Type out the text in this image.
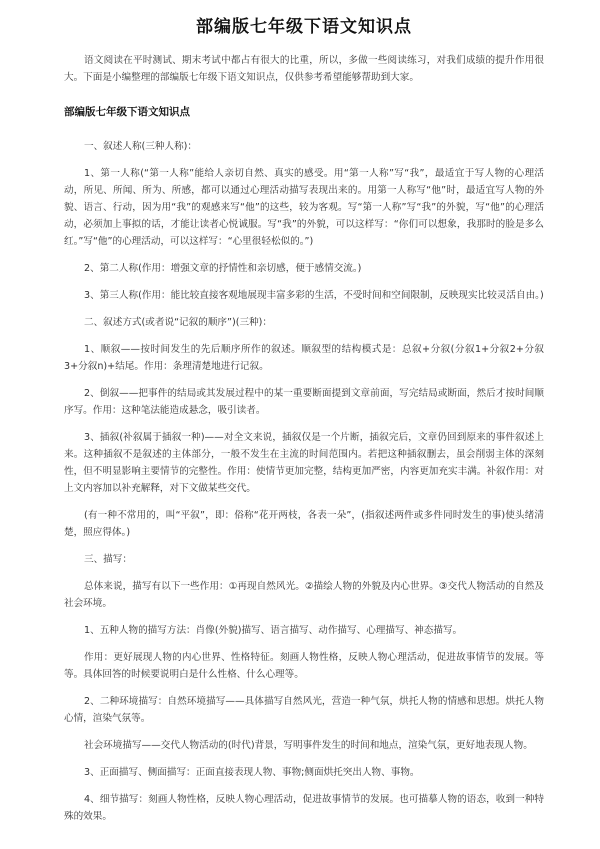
部编版七年级下语文知识点

语文阅读在平时测试、期末考试中都占有很大的比重，所以，多做一些阅读练习，对我们成绩的提升作用很大。下面是小编整理的部编版七年级下语文知识点，仅供参考希望能够帮助到大家。

部编版七年级下语文知识点

一、叙述人称(三种人称)：

1、第一人称(“第一人称”能给人亲切自然、真实的感受。用“第一人称”写“我”，最适宜于写人物的心理活动，所见、所闻、所为、所感，都可以通过心理活动描写表现出来的。用第一人称写“他”时，最适宜写人物的外貌、语言、行动，因为用“我”的观感来写“他”的这些，较为客观。写“第一人称”写“我”的外貌，写“他”的心理活动，必须加上事拟的话，才能让读者心悦诚服。写“我”的外貌，可以这样写：“你们可以想象，我那时的脸是多么红。”写“他”的心理活动，可以这样写：“心里很轻松似的。”)

2、第二人称(作用：增强文章的抒情性和亲切感，便于感情交流。)

3、第三人称(作用：能比较直接客观地展现丰富多彩的生活，不受时间和空间限制，反映现实比较灵活自由。)

二、叙述方式(或者说“记叙的顺序”)(三种)：

1、顺叙——按时间发生的先后顺序所作的叙述。顺叙型的结构模式是：总叙+分叙(分叙1+分叙2+分叙3+分叙n)+结尾。作用：条理清楚地进行记叙。

2、倒叙——把事件的结局或其发展过程中的某一重要断面提到文章前面，写完结局或断面，然后才按时间顺序写。作用：这种笔法能造成悬念，吸引读者。

3、插叙(补叙属于插叙一种)——对全文来说，插叙仅是一个片断，插叙完后，文章仍回到原来的事件叙述上来。这种插叙不是叙述的主体部分，一般不发生在主流的时间范围内。若把这种插叙删去，虽会削弱主体的深刻性，但不明显影响主要情节的完整性。作用：使情节更加完整，结构更加严密，内容更加充实丰满。补叙作用：对上文内容加以补充解释，对下文做某些交代。

(有一种不常用的，叫“平叙”，即：俗称“花开两枝，各表一朵”，(指叙述两件或多件同时发生的事)使头绪清楚，照应得体。)

三、描写：

总体来说，描写有以下一些作用：①再现自然风光。②描绘人物的外貌及内心世界。③交代人物活动的自然及社会环境。

1、五种人物的描写方法：肖像(外貌)描写、语言描写、动作描写、心理描写、神态描写。

作用：更好展现人物的内心世界、性格特征。刻画人物性格，反映人物心理活动，促进故事情节的发展。等等。具体回答的时候要说明白是什么性格、什么心理等。

2、二种环境描写：自然环境描写——具体描写自然风光，营造一种气氛，烘托人物的情感和思想。烘托人物心情，渲染气氛等。

社会环境描写——交代人物活动的(时代)背景，写明事件发生的时间和地点，渲染气氛，更好地表现人物。

3、正面描写、侧面描写：正面直接表现人物、事物;侧面烘托突出人物、事物。

4、细节描写：刻画人物性格，反映人物心理活动，促进故事情节的发展。也可描摹人物的语态，收到一种特殊的效果。
